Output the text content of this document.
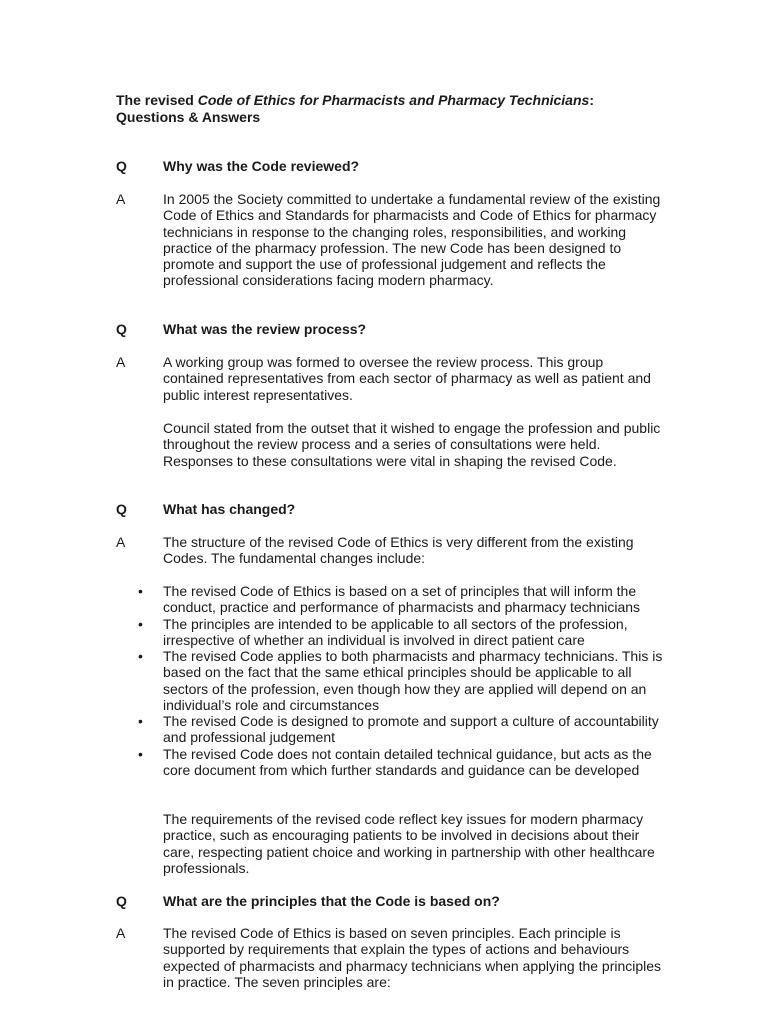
The revised Code of Ethics for Pharmacists and Pharmacy Technicians:
Questions & Answers
Q	Why was the Code reviewed?
A	In 2005 the Society committed to undertake a fundamental review of the existing Code of Ethics and Standards for pharmacists and Code of Ethics for pharmacy technicians in response to the changing roles, responsibilities, and working practice of the pharmacy profession. The new Code has been designed to promote and support the use of professional judgement and reflects the professional considerations facing modern pharmacy.
Q	What was the review process?
A	A working group was formed to oversee the review process. This group contained representatives from each sector of pharmacy as well as patient and public interest representatives.
Council stated from the outset that it wished to engage the profession and public throughout the review process and a series of consultations were held. Responses to these consultations were vital in shaping the revised Code.
Q	What has changed?
A	The structure of the revised Code of Ethics is very different from the existing Codes. The fundamental changes include:
• The revised Code of Ethics is based on a set of principles that will inform the conduct, practice and performance of pharmacists and pharmacy technicians
• The principles are intended to be applicable to all sectors of the profession, irrespective of whether an individual is involved in direct patient care
• The revised Code applies to both pharmacists and pharmacy technicians. This is based on the fact that the same ethical principles should be applicable to all sectors of the profession, even though how they are applied will depend on an individual’s role and circumstances
• The revised Code is designed to promote and support a culture of accountability and professional judgement
• The revised Code does not contain detailed technical guidance, but acts as the core document from which further standards and guidance can be developed
The requirements of the revised code reflect key issues for modern pharmacy practice, such as encouraging patients to be involved in decisions about their care, respecting patient choice and working in partnership with other healthcare professionals.
Q	What are the principles that the Code is based on?
A	The revised Code of Ethics is based on seven principles. Each principle is supported by requirements that explain the types of actions and behaviours expected of pharmacists and pharmacy technicians when applying the principles in practice. The seven principles are:
